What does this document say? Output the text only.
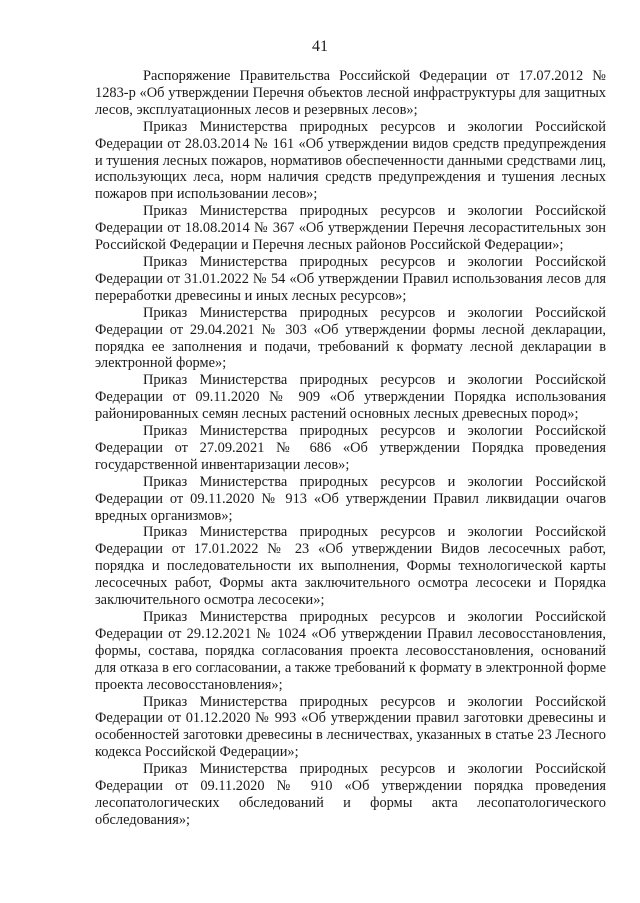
41

Распоряжение Правительства Российской Федерации от 17.07.2012 № 1283-р «Об утверждении Перечня объектов лесной инфраструктуры для защитных лесов, эксплуатационных лесов и резервных лесов»;

Приказ Министерства природных ресурсов и экологии Российской Федерации от 28.03.2014 № 161 «Об утверждении видов средств предупреждения и тушения лесных пожаров, нормативов обеспеченности данными средствами лиц, использующих леса, норм наличия средств предупреждения и тушения лесных пожаров при использовании лесов»;

Приказ Министерства природных ресурсов и экологии Российской Федерации от 18.08.2014 № 367 «Об утверждении Перечня лесорастительных зон Российской Федерации и Перечня лесных районов Российской Федерации»;

Приказ Министерства природных ресурсов и экологии Российской Федерации от 31.01.2022 № 54 «Об утверждении Правил использования лесов для переработки древесины и иных лесных ресурсов»;

Приказ Министерства природных ресурсов и экологии Российской Федерации от 29.04.2021 № 303 «Об утверждении формы лесной декларации, порядка ее заполнения и подачи, требований к формату лесной декларации в электронной форме»;

Приказ Министерства природных ресурсов и экологии Российской Федерации от 09.11.2020 № 909 «Об утверждении Порядка использования районированных семян лесных растений основных лесных древесных пород»;

Приказ Министерства природных ресурсов и экологии Российской Федерации от 27.09.2021 № 686 «Об утверждении Порядка проведения государственной инвентаризации лесов»;

Приказ Министерства природных ресурсов и экологии Российской Федерации от 09.11.2020 № 913 «Об утверждении Правил ликвидации очагов вредных организмов»;

Приказ Министерства природных ресурсов и экологии Российской Федерации от 17.01.2022 № 23 «Об утверждении Видов лесосечных работ, порядка и последовательности их выполнения, Формы технологической карты лесосечных работ, Формы акта заключительного осмотра лесосеки и Порядка заключительного осмотра лесосеки»;

Приказ Министерства природных ресурсов и экологии Российской Федерации от 29.12.2021 № 1024 «Об утверждении Правил лесовосстановления, формы, состава, порядка согласования проекта лесовосстановления, оснований для отказа в его согласовании, а также требований к формату в электронной форме проекта лесовосстановления»;

Приказ Министерства природных ресурсов и экологии Российской Федерации от 01.12.2020 № 993 «Об утверждении правил заготовки древесины и особенностей заготовки древесины в лесничествах, указанных в статье 23 Лесного кодекса Российской Федерации»;

Приказ Министерства природных ресурсов и экологии Российской Федерации от 09.11.2020 № 910 «Об утверждении порядка проведения лесопатологических обследований и формы акта лесопатологического обследования»;
